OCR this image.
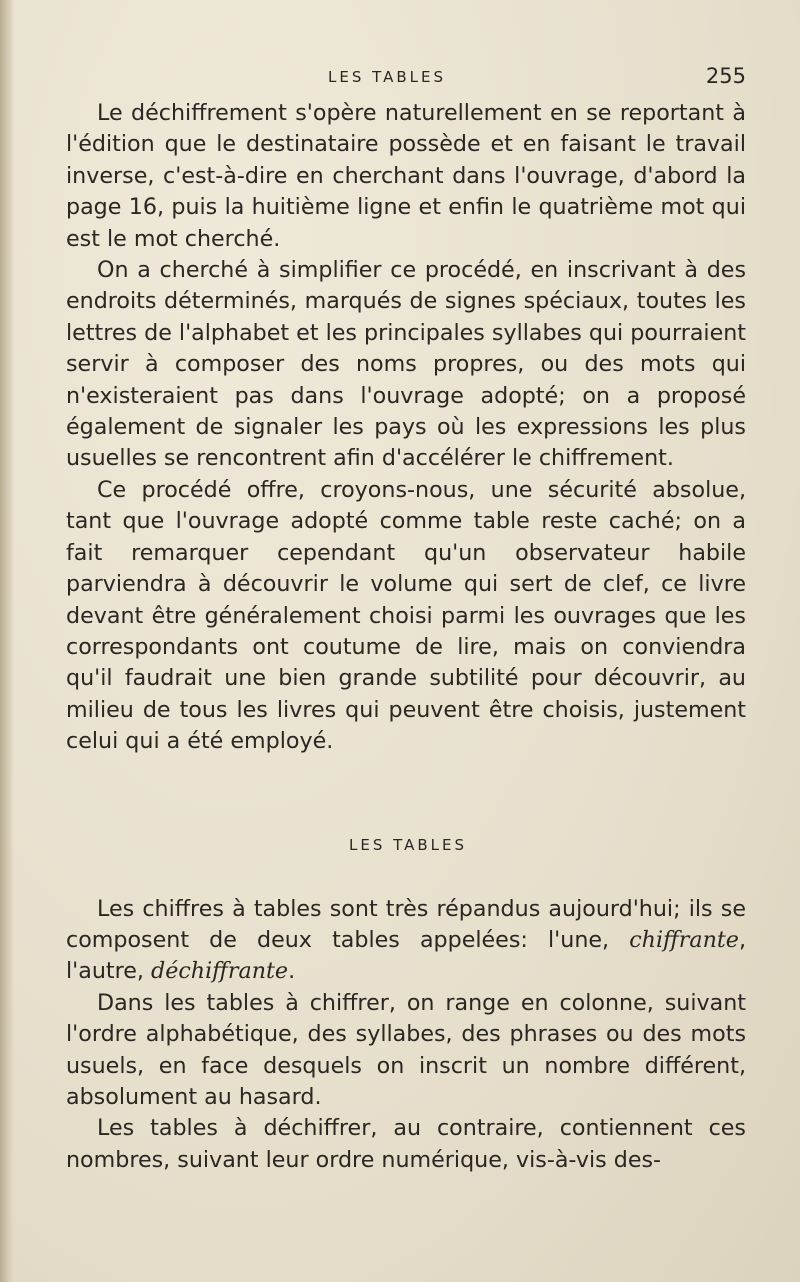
LES TABLES	255

Le déchiffrement s'opère naturellement en se reportant à l'édition que le destinataire possède et en faisant le travail inverse, c'est-à-dire en cherchant dans l'ouvrage, d'abord la page 16, puis la huitième ligne et enfin le quatrième mot qui est le mot cherché.

On a cherché à simplifier ce procédé, en inscrivant à des endroits déterminés, marqués de signes spéciaux, toutes les lettres de l'alphabet et les principales syllabes qui pourraient servir à composer des noms propres, ou des mots qui n'existeraient pas dans l'ouvrage adopté; on a proposé également de signaler les pays où les expressions les plus usuelles se rencontrent afin d'accélérer le chiffrement.

Ce procédé offre, croyons-nous, une sécurité absolue, tant que l'ouvrage adopté comme table reste caché; on a fait remarquer cependant qu'un observateur habile parviendra à découvrir le volume qui sert de clef, ce livre devant être généralement choisi parmi les ouvrages que les correspondants ont coutume de lire, mais on conviendra qu'il faudrait une bien grande subtilité pour découvrir, au milieu de tous les livres qui peuvent être choisis, justement celui qui a été employé.

LES TABLES

Les chiffres à tables sont très répandus aujourd'hui; ils se composent de deux tables appelées: l'une, chiffrante, l'autre, déchiffrante.

Dans les tables à chiffrer, on range en colonne, suivant l'ordre alphabétique, des syllabes, des phrases ou des mots usuels, en face desquels on inscrit un nombre différent, absolument au hasard.

Les tables à déchiffrer, au contraire, contiennent ces nombres, suivant leur ordre numérique, vis-à-vis des-
